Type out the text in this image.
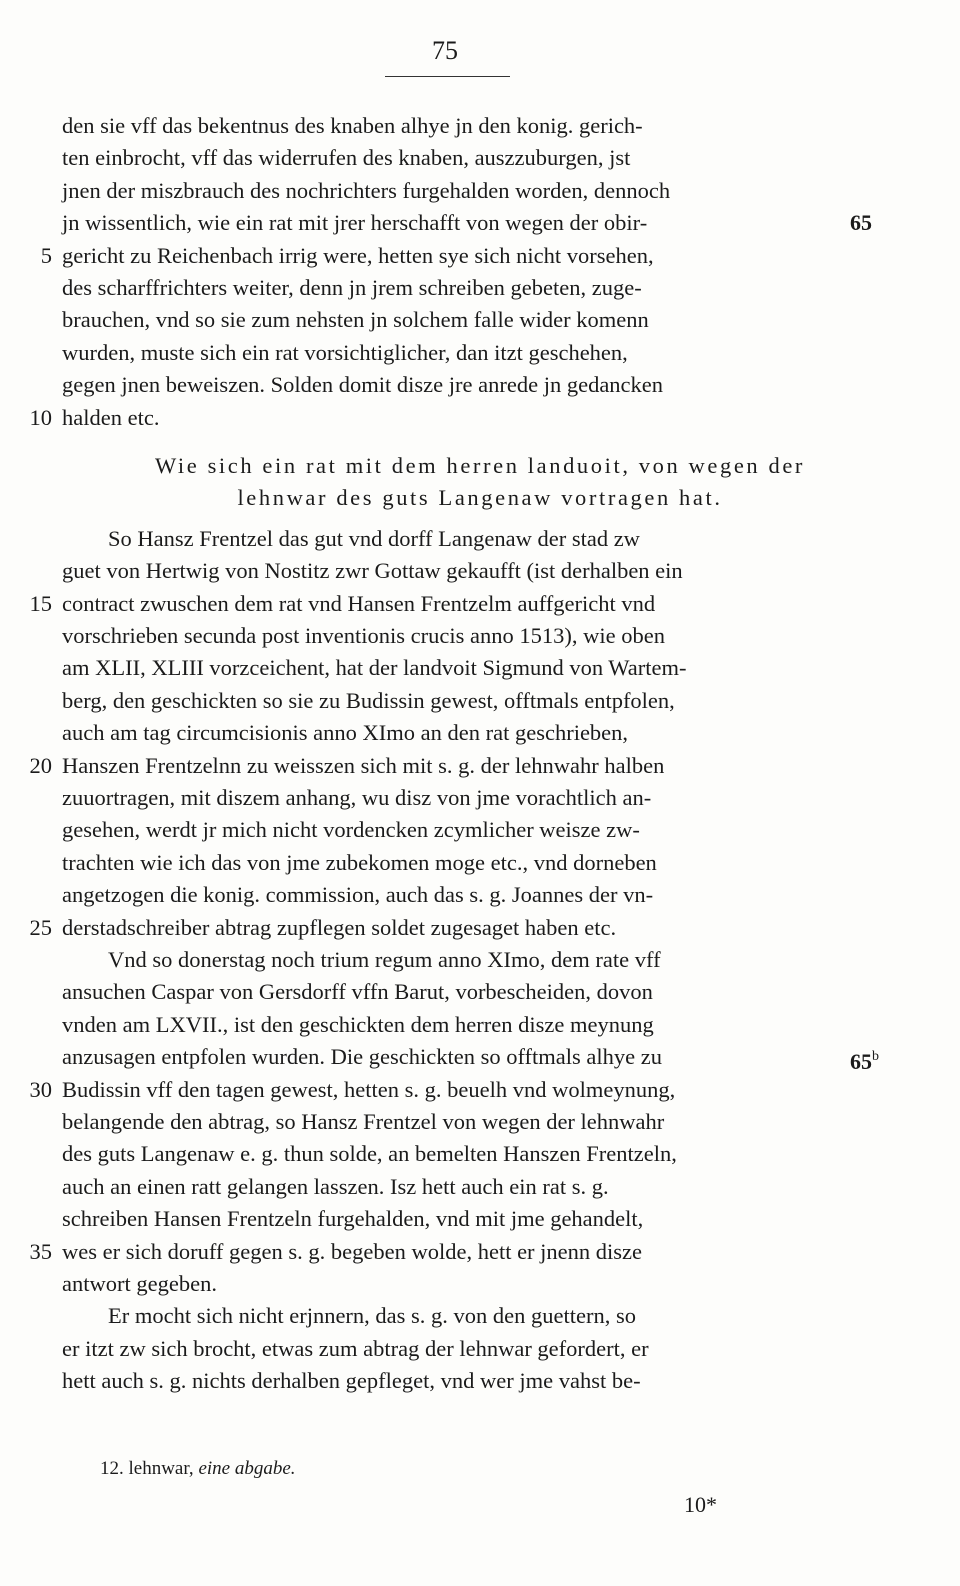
75
den sie vff das bekentnus des knaben alhye jn den konig. gerich-
ten einbrocht, vff das widerrufen des knaben, auszzuburgen, jst
jnen der miszbrauch des nochrichters furgehalden worden, dennoch
jn wissentlich, wie ein rat mit jrer herschafft von wegen der obir-	65
gericht zu Reichenbach irrig were, hetten sye sich nicht vorsehen,
5
des scharffrichters weiter, denn jn jrem schreiben gebeten, zuge-
brauchen, vnd so sie zum nehsten jn solchem falle wider komenn
wurden, muste sich ein rat vorsichtiglicher, dan itzt geschehen,
gegen jnen beweiszen. Solden domit disze jre anrede jn gedancken
halden etc.
10
Wie sich ein rat mit dem herren landuoit, von wegen der
lehnwar des guts Langenaw vortragen hat.
So Hansz Frentzel das gut vnd dorff Langenaw der stad zw
guet von Hertwig von Nostitz zwr Gottaw gekaufft (ist derhalben ein
contract zwuschen dem rat vnd Hansen Frentzelm auffgericht vnd
15
vorschrieben secunda post inventionis crucis anno 1513), wie oben
am XLII, XLIII vorzceichent, hat der landvoit Sigmund von Wartem-
berg, den geschickten so sie zu Budissin gewest, offtmals entpfolen,
auch am tag circumcisionis anno XImo an den rat geschrieben,
Hanszen Frentzelnn zu weisszen sich mit s. g. der lehnwahr halben
20
zuuortragen, mit diszem anhang, wu disz von jme vorachtlich an-
gesehen, werdt jr mich nicht vordencken zcymlicher weisze zw-
trachten wie ich das von jme zubekomen moge etc., vnd dorneben
angetzogen die konig. commission, auch das s. g. Joannes der vn-
derstadschreiber abtrag zupflegen soldet zugesaget haben etc.
25
Vnd so donerstag noch trium regum anno XImo, dem rate vff
ansuchen Caspar von Gersdorff vffn Barut, vorbescheiden, dovon
vnden am LXVII., ist den geschickten dem herren disze meynung
anzusagen entpfolen wurden. Die geschickten so offtmals alhye zu	65$^b$
Budissin vff den tagen gewest, hetten s. g. beuelh vnd wolmeynung,
30
belangende den abtrag, so Hansz Frentzel von wegen der lehnwahr
des guts Langenaw e. g. thun solde, an bemelten Hanszen Frentzeln,
auch an einen ratt gelangen lasszen. Isz hett auch ein rat s. g.
schreiben Hansen Frentzeln furgehalden, vnd mit jme gehandelt,
wes er sich doruff gegen s. g. begeben wolde, hett er jnenn disze
35
antwort gegeben.
Er mocht sich nicht erjnnern, das s. g. von den guettern, so
er itzt zw sich brocht, etwas zum abtrag der lehnwar gefordert, er
hett auch s. g. nichts derhalben gepfleget, vnd wer jme vahst be-
12. lehnwar, eine abgabe.
10*
